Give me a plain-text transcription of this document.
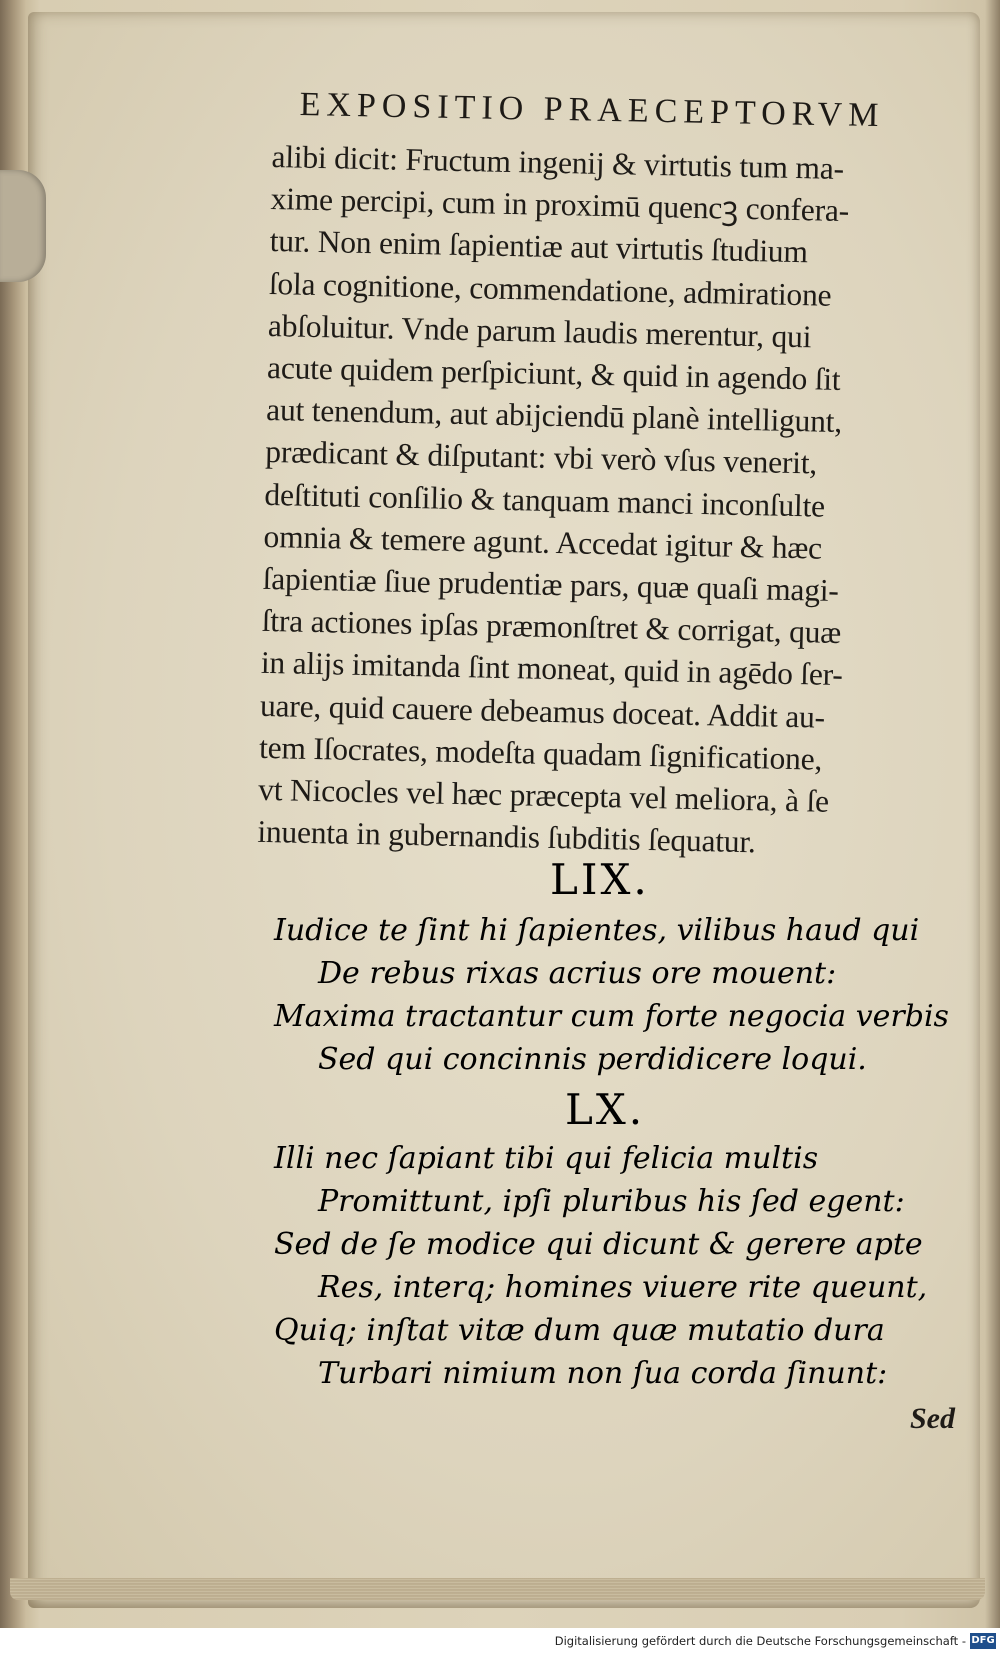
EXPOSITIO PRAECEPTORVM
alibi dicit: Fructum ingenij & virtutis tum ma-
xime percipi, cum in proximū quencꝫ confera-
tur. Non enim ſapientiæ aut virtutis ſtudium
ſola cognitione, commendatione, admiratione
abſoluitur. Vnde parum laudis merentur, qui
acute quidem perſpiciunt, & quid in agendo ſit
aut tenendum, aut abijciendū planè intelligunt,
prædicant & diſputant: vbi verò vſus venerit,
deſtituti conſilio & tanquam manci inconſulte
omnia & temere agunt. Accedat igitur & hæc
ſapientiæ ſiue prudentiæ pars, quæ quaſi magi-
ſtra actiones ipſas præmonſtret & corrigat, quæ
in alijs imitanda ſint moneat, quid in agēdo ſer-
uare, quid cauere debeamus doceat. Addit au-
tem Iſocrates, modeſta quadam ſignificatione,
vt Nicocles vel hæc præcepta vel meliora, à ſe
inuenta in gubernandis ſubditis ſequatur.
LIX.
Iudice te ſint hi ſapientes, vilibus haud qui
De rebus rixas acrius ore mouent:
Maxima tractantur cum forte negocia verbis
Sed qui concinnis perdidicere loqui.
LX.
Illi nec ſapiant tibi qui felicia multis
Promittunt, ipſi pluribus his ſed egent:
Sed de ſe modice qui dicunt & gerere apte
Res, interq; homines viuere rite queunt,
Quiq; inſtat vitæ dum quæ mutatio dura
Turbari nimium non ſua corda ſinunt:
Sed
Digitalisierung gefördert durch die Deutsche Forschungsgemeinschaft - DFG
